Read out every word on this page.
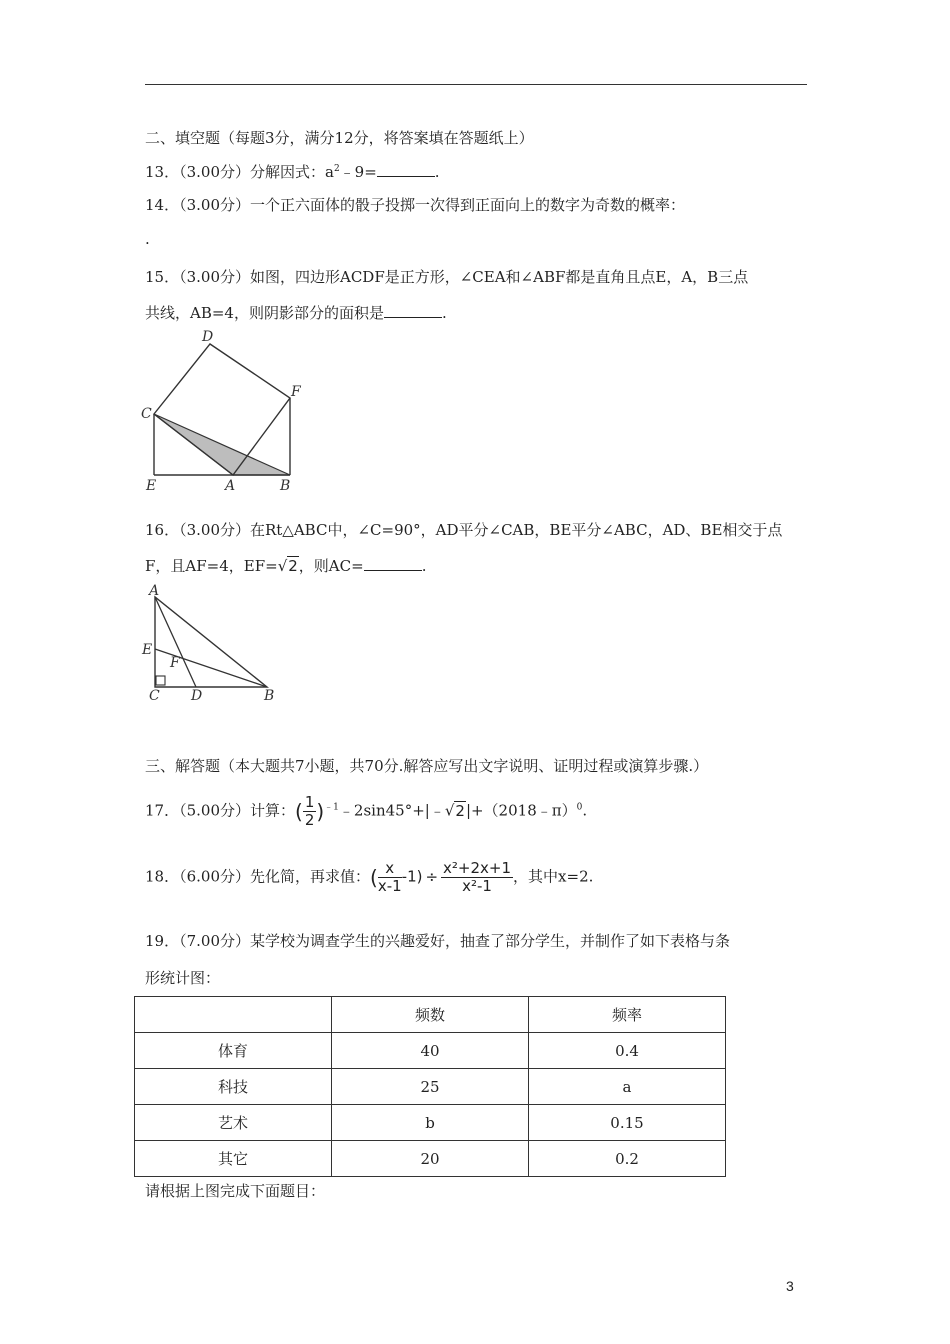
二、填空题（每题3分，满分12分，将答案填在答题纸上）
13．（3.00分）分解因式：$a^2﹣9=$	.
14．（3.00分）一个正六面体的骰子投掷一次得到正面向上的数字为奇数的概率：
.
15．（3.00分）如图，四边形ACDF是正方形，∠CEA和∠ABF都是直角且点E，A，B三点
共线，AB=4，则阴影部分的面积是	.
D
F
C
E	A	B
16．（3.00分）在Rt△ABC中，∠C=90°，AD平分∠CAB，BE平分∠ABC，AD、BE相交于点
F，且AF=4，EF=√2，则AC=	.
A
E
F
C D	B
三、解答题（本大题共7小题，共70分.解答应写出文字说明、证明过程或演算步骤.）
17．（5.00分）计算：( $\frac{1}{2}$ )$^{﹣1}$﹣2sin45°+|﹣√2|+（2018﹣π）$^0$.
18．（6.00分）先化简，再求值：( $\frac{x}{x-1} -1) \div \frac{\text{x²+2x+1}}{\text{x²-1}}$ ，其中x=2.
19．（7.00分）某学校为调查学生的兴趣爱好，抽查了部分学生，并制作了如下表格与条
形统计图：
	频数	频率
体育	40	0.4
科技	25	a
艺术	b	0.15
其它	20	0.2
请根据上图完成下面题目：
3
